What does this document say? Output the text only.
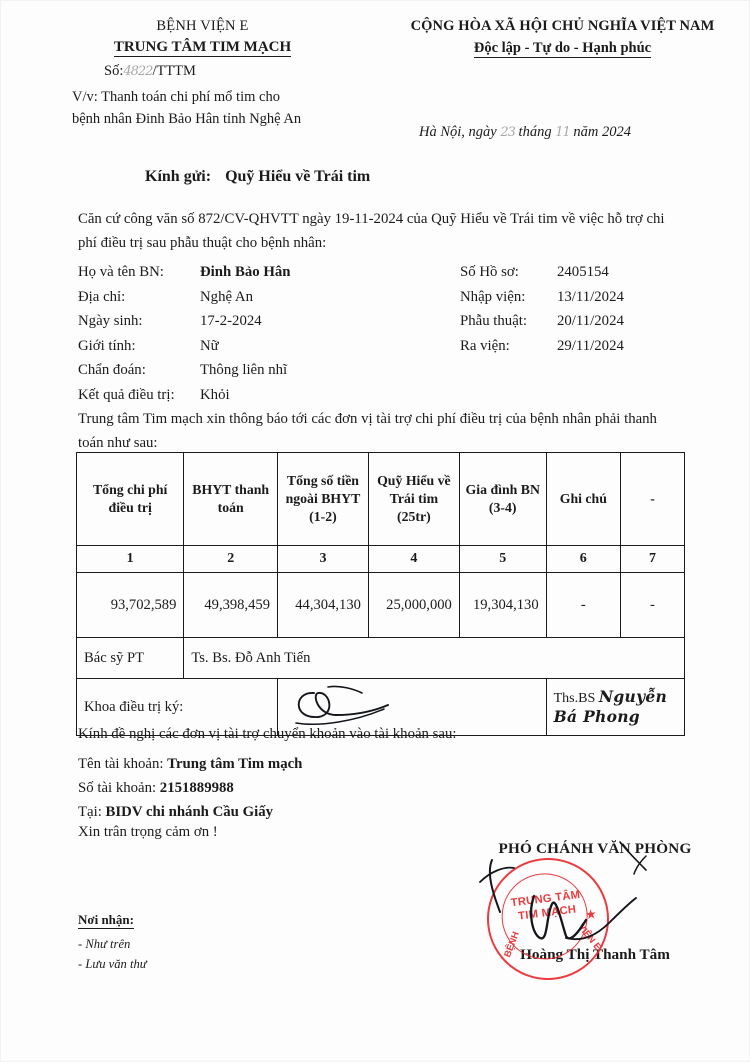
BỆNH VIỆN E
TRUNG TÂM TIM MẠCH
Số:4822/TTTM
V/v: Thanh toán chi phí mổ tim cho
bệnh nhân Đinh Bảo Hân tỉnh Nghệ An
CỘNG HÒA XÃ HỘI CHỦ NGHĨA VIỆT NAM
Độc lập - Tự do - Hạnh phúc
Hà Nội, ngày 23 tháng 11 năm 2024
Kính gửi: Quỹ Hiểu về Trái tim
Căn cứ công văn số 872/CV-QHVTT ngày 19-11-2024 của Quỹ Hiểu về Trái tim về việc hỗ trợ chi phí điều trị sau phẫu thuật cho bệnh nhân:
Họ và tên BN:	Đinh Bảo Hân	Số Hồ sơ:	2405154
Địa chỉ:	Nghệ An	Nhập viện:	13/11/2024
Ngày sinh:	17-2-2024	Phẫu thuật:	20/11/2024
Giới tính:	Nữ	Ra viện:	29/11/2024
Chẩn đoán:	Thông liên nhĩ
Kết quả điều trị:	Khỏi
Trung tâm Tim mạch xin thông báo tới các đơn vị tài trợ chi phí điều trị của bệnh nhân phải thanh toán như sau:
Tổng chi phí điều trị	BHYT thanh toán	Tổng số tiền ngoài BHYT (1-2)	Quỹ Hiểu về Trái tim (25tr)	Gia đình BN (3-4)	Ghi chú	-
1	2	3	4	5	6	7
93,702,589	49,398,459	44,304,130	25,000,000	19,304,130	-	-
Bác sỹ PT	Ts. Bs. Đỗ Anh Tiến					
Khoa điều trị ký:					Ths.BS Nguyễn Bá Phong	
Kính đề nghị các đơn vị tài trợ chuyển khoản vào tài khoản sau:
Tên tài khoản: Trung tâm Tim mạch
Số tài khoản: 2151889988
Tại: BIDV chi nhánh Cầu Giấy
Xin trân trọng cảm ơn !
PHÓ CHÁNH VĂN PHÒNG
Hoàng Thị Thanh Tâm
TRUNG TÂM
TIM MẠCH ★
BỆNH	VIỆN E
Nơi nhận:
- Như trên
- Lưu văn thư
